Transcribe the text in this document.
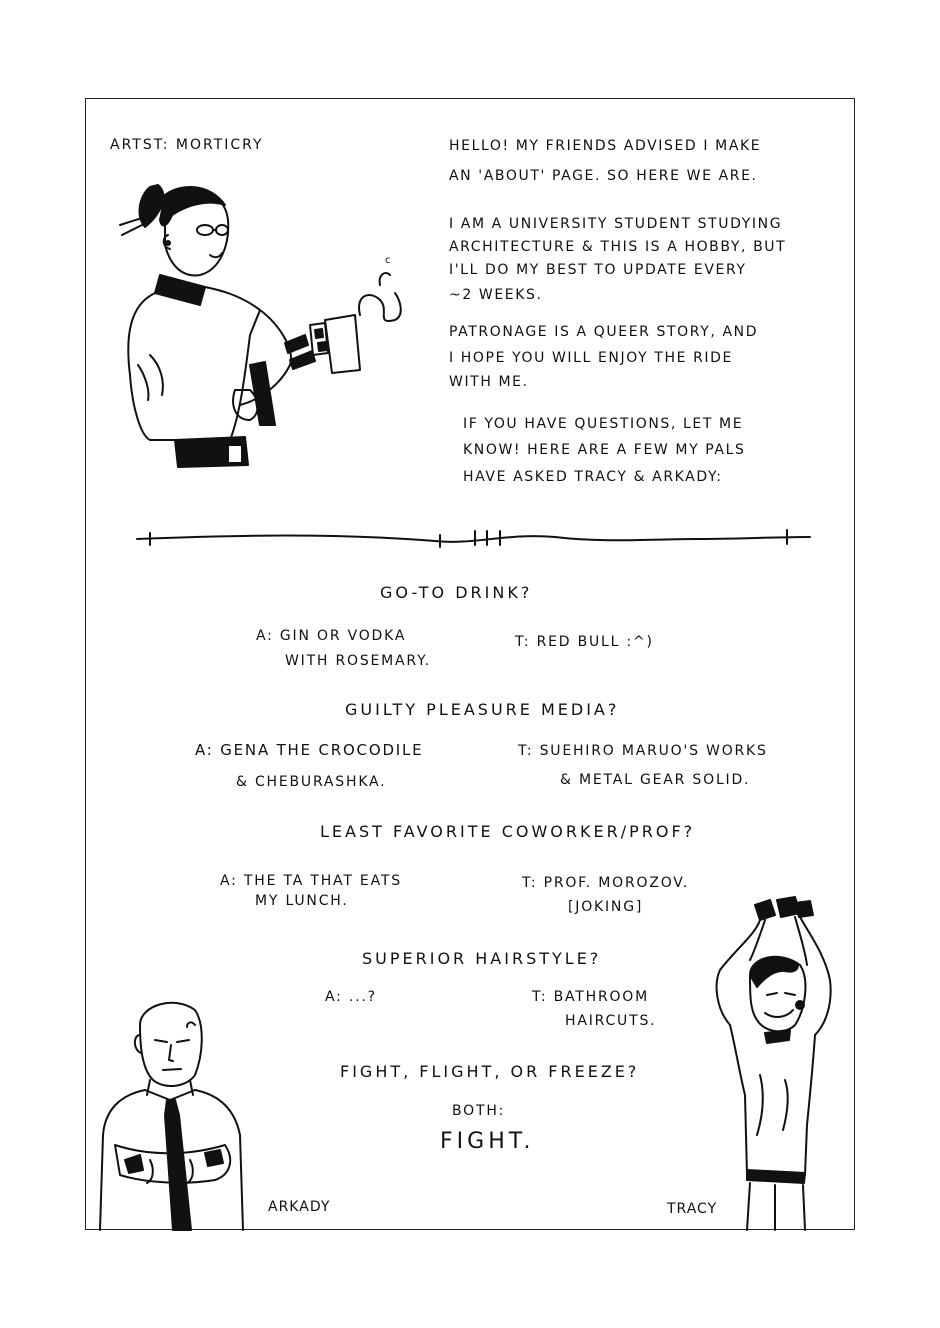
ARTST: MORTICRY	HELLO! MY FRIENDS ADVISED I MAKE
AN 'ABOUT' PAGE. SO HERE WE ARE.
I AM A UNIVERSITY STUDENT STUDYING
ARCHITECTURE & THIS IS A HOBBY, BUT
I'LL DO MY BEST TO UPDATE EVERY
~2 WEEKS.
PATRONAGE IS A QUEER STORY, AND
I HOPE YOU WILL ENJOY THE RIDE
WITH ME.
IF YOU HAVE QUESTIONS, LET ME
KNOW! HERE ARE A FEW MY PALS
HAVE ASKED TRACY & ARKADY:
c
GO-TO DRINK?
A: GIN OR VODKA
WITH ROSEMARY.
T: RED BULL :^)
GUILTY PLEASURE MEDIA?
A: GENA THE CROCODILE
& CHEBURASHKA.
T: SUEHIRO MARUO'S WORKS
& METAL GEAR SOLID.
LEAST FAVORITE COWORKER/PROF?
A: THE TA THAT EATS
MY LUNCH.
T: PROF. MOROZOV.
[JOKING]
SUPERIOR HAIRSTYLE?
A: ...?	T: BATHROOM
HAIRCUTS.
FIGHT, FLIGHT, OR FREEZE?
BOTH:
FIGHT.
ARKADY	TRACY
